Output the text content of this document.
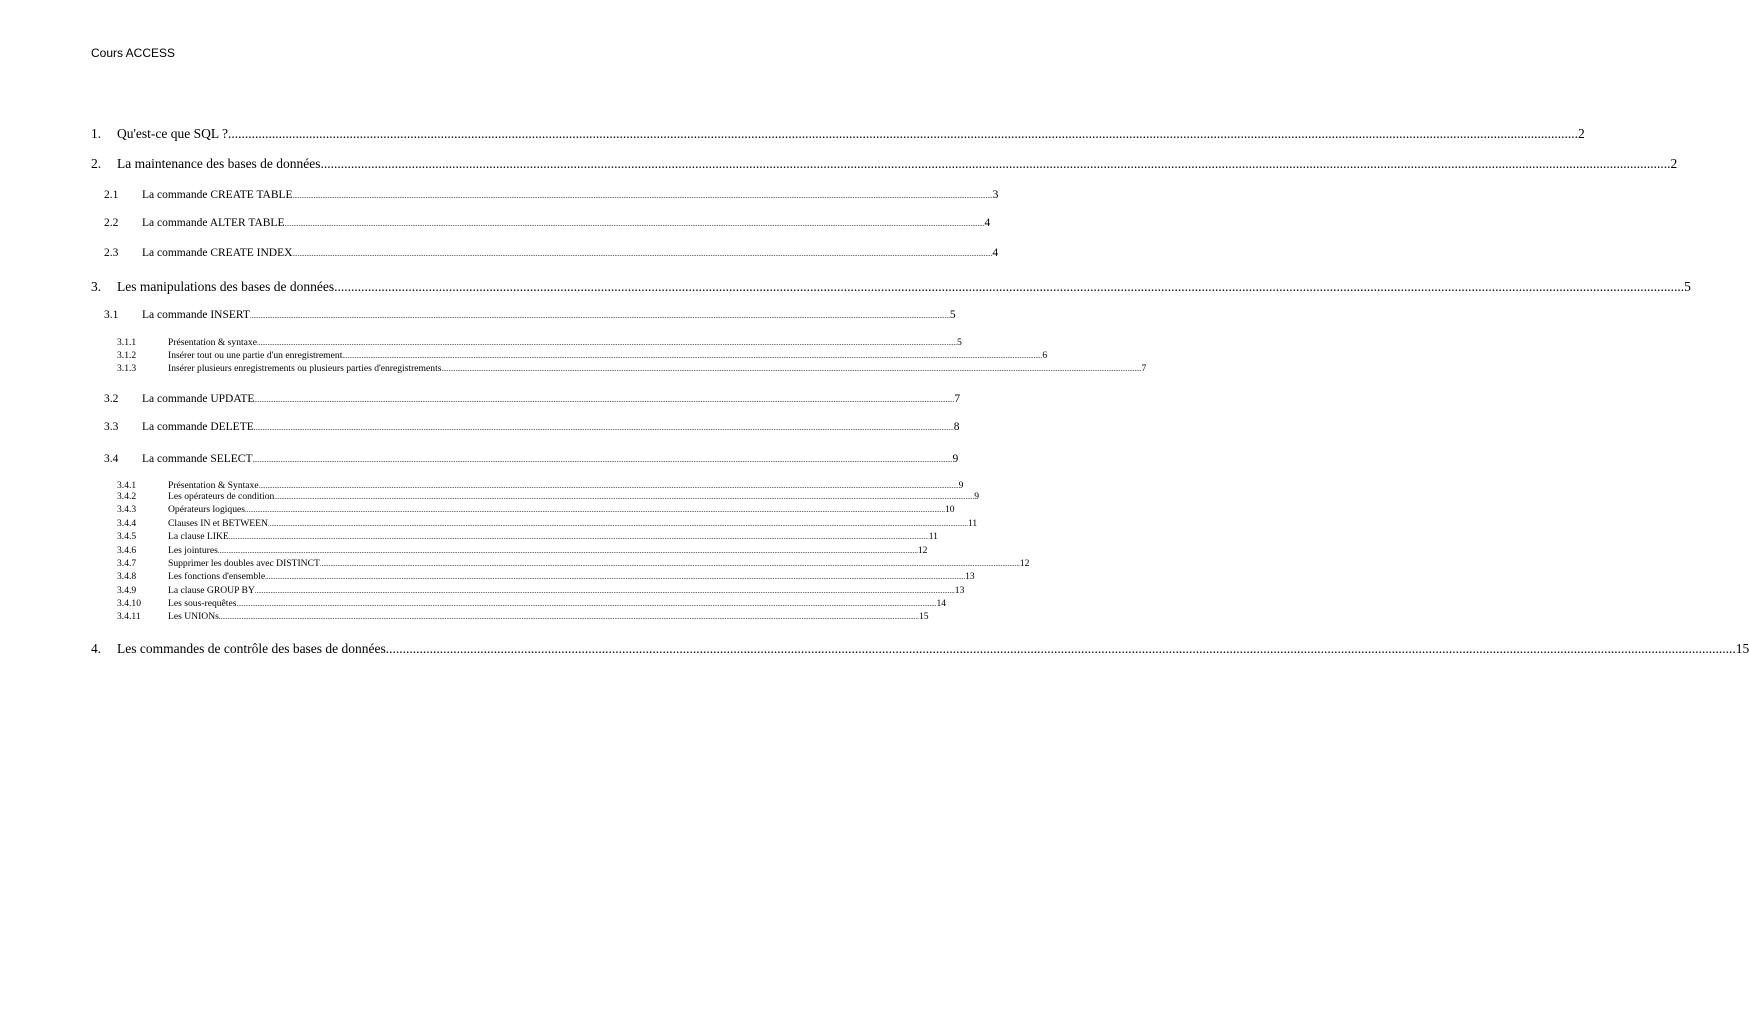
Cours ACCESS
1. Qu'est-ce que SQL ? ................................................................................................................................................................................................................................................................................................................................................................................................................ 2
2. La maintenance des bases de données ................................................................................................................................................................................................................................................................................................................................................................................................................ 2
2.1 La commande CREATE TABLE ................................................................................................................................................................................................................................................................................................................................................................................................................ 3
2.2 La commande ALTER TABLE ................................................................................................................................................................................................................................................................................................................................................................................................................ 4
2.3 La commande CREATE INDEX ................................................................................................................................................................................................................................................................................................................................................................................................................ 4
3. Les manipulations des bases de données ................................................................................................................................................................................................................................................................................................................................................................................................................ 5
3.1 La commande INSERT ................................................................................................................................................................................................................................................................................................................................................................................................................ 5
3.1.1	Présentation & syntaxe ................................................................................................................................................................................................................................................................................................................................................................................................................ 5
3.1.2	Insérer tout ou une partie d'un enregistrement ................................................................................................................................................................................................................................................................................................................................................................................................................ 6
3.1.3	Insérer plusieurs enregistrements ou plusieurs parties d'enregistrements ................................................................................................................................................................................................................................................................................................................................................................................................................ 7
3.2 La commande UPDATE ................................................................................................................................................................................................................................................................................................................................................................................................................ 7
3.3 La commande DELETE ................................................................................................................................................................................................................................................................................................................................................................................................................ 8
3.4 La commande SELECT ................................................................................................................................................................................................................................................................................................................................................................................................................ 9
3.4.1	Présentation & Syntaxe ................................................................................................................................................................................................................................................................................................................................................................................................................ 9
3.4.2	Les opérateurs de condition ................................................................................................................................................................................................................................................................................................................................................................................................................ 9
3.4.3	Opérateurs logiques ................................................................................................................................................................................................................................................................................................................................................................................................................ 10
3.4.4	Clauses IN et BETWEEN ................................................................................................................................................................................................................................................................................................................................................................................................................ 11
3.4.5	La clause LIKE ................................................................................................................................................................................................................................................................................................................................................................................................................ 11
3.4.6	Les jointures ................................................................................................................................................................................................................................................................................................................................................................................................................ 12
3.4.7	Supprimer les doubles avec DISTINCT ................................................................................................................................................................................................................................................................................................................................................................................................................ 12
3.4.8	Les fonctions d'ensemble ................................................................................................................................................................................................................................................................................................................................................................................................................ 13
3.4.9	La clause GROUP BY ................................................................................................................................................................................................................................................................................................................................................................................................................ 13
3.4.10	Les sous-requêtes ................................................................................................................................................................................................................................................................................................................................................................................................................ 14
3.4.11	Les UNIONs ................................................................................................................................................................................................................................................................................................................................................................................................................ 15
4. Les commandes de contrôle des bases de données ................................................................................................................................................................................................................................................................................................................................................................................................................ 15
